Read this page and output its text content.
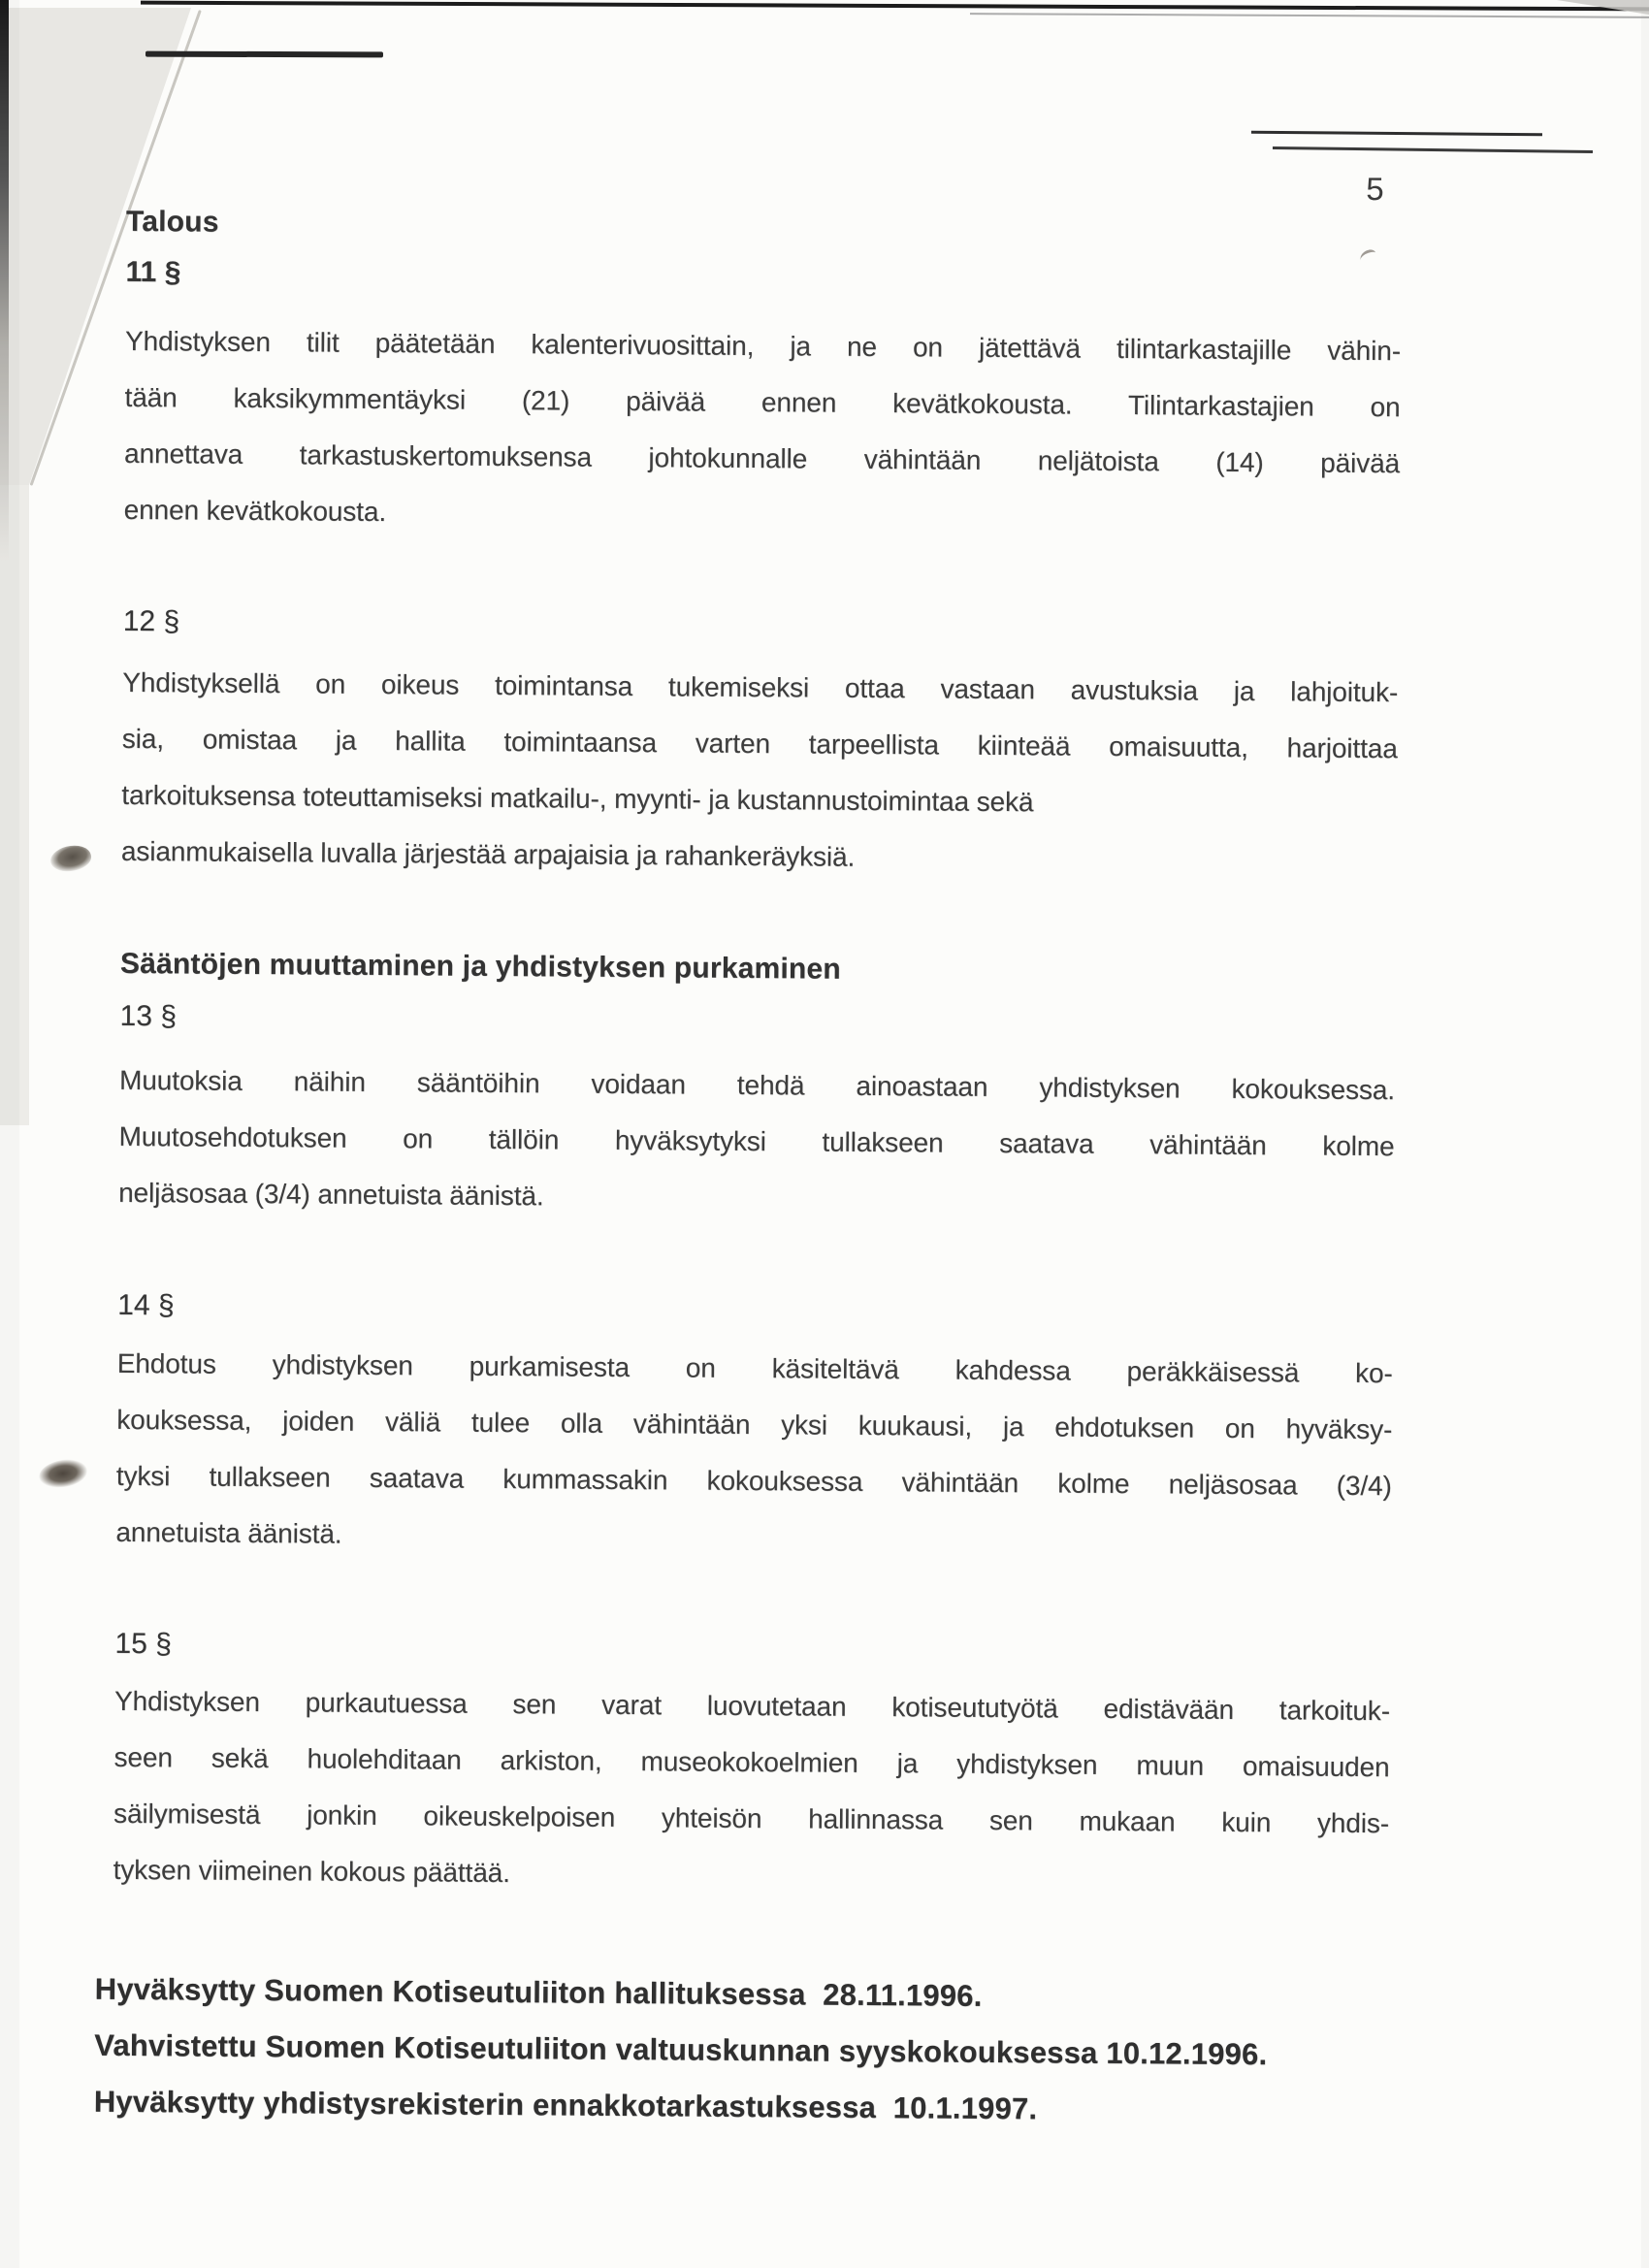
5
Talous
11 §
Yhdistyksen tilit päätetään kalenterivuosittain, ja ne on jätettävä tilintarkastajille vähin-
tään kaksikymmentäyksi (21) päivää ennen kevätkokousta. Tilintarkastajien on
annettava tarkastuskertomuksensa johtokunnalle vähintään neljätoista (14) päivää
ennen kevätkokousta.
12 §
Yhdistyksellä on oikeus toimintansa tukemiseksi ottaa vastaan avustuksia ja lahjoituk-
sia, omistaa ja hallita toimintaansa varten tarpeellista kiinteää omaisuutta, harjoittaa
tarkoituksensa toteuttamiseksi matkailu-, myynti- ja kustannustoimintaa sekä
asianmukaisella luvalla järjestää arpajaisia ja rahankeräyksiä.
Sääntöjen muuttaminen ja yhdistyksen purkaminen
13 §
Muutoksia näihin sääntöihin voidaan tehdä ainoastaan yhdistyksen kokouksessa.
Muutosehdotuksen on tällöin hyväksytyksi tullakseen saatava vähintään kolme
neljäsosaa (3/4) annetuista äänistä.
14 §
Ehdotus yhdistyksen purkamisesta on käsiteltävä kahdessa peräkkäisessä ko-
kouksessa, joiden väliä tulee olla vähintään yksi kuukausi, ja ehdotuksen on hyväksy-
tyksi tullakseen saatava kummassakin kokouksessa vähintään kolme neljäsosaa (3/4)
annetuista äänistä.
15 §
Yhdistyksen purkautuessa sen varat luovutetaan kotiseututyötä edistävään tarkoituk-
seen sekä huolehditaan arkiston, museokokoelmien ja yhdistyksen muun omaisuuden
säilymisestä jonkin oikeuskelpoisen yhteisön hallinnassa sen mukaan kuin yhdis-
tyksen viimeinen kokous päättää.
Hyväksytty Suomen Kotiseutuliiton hallituksessa  28.11.1996.
Vahvistettu Suomen Kotiseutuliiton valtuuskunnan syyskokouksessa 10.12.1996.
Hyväksytty yhdistysrekisterin ennakkotarkastuksessa  10.1.1997.
